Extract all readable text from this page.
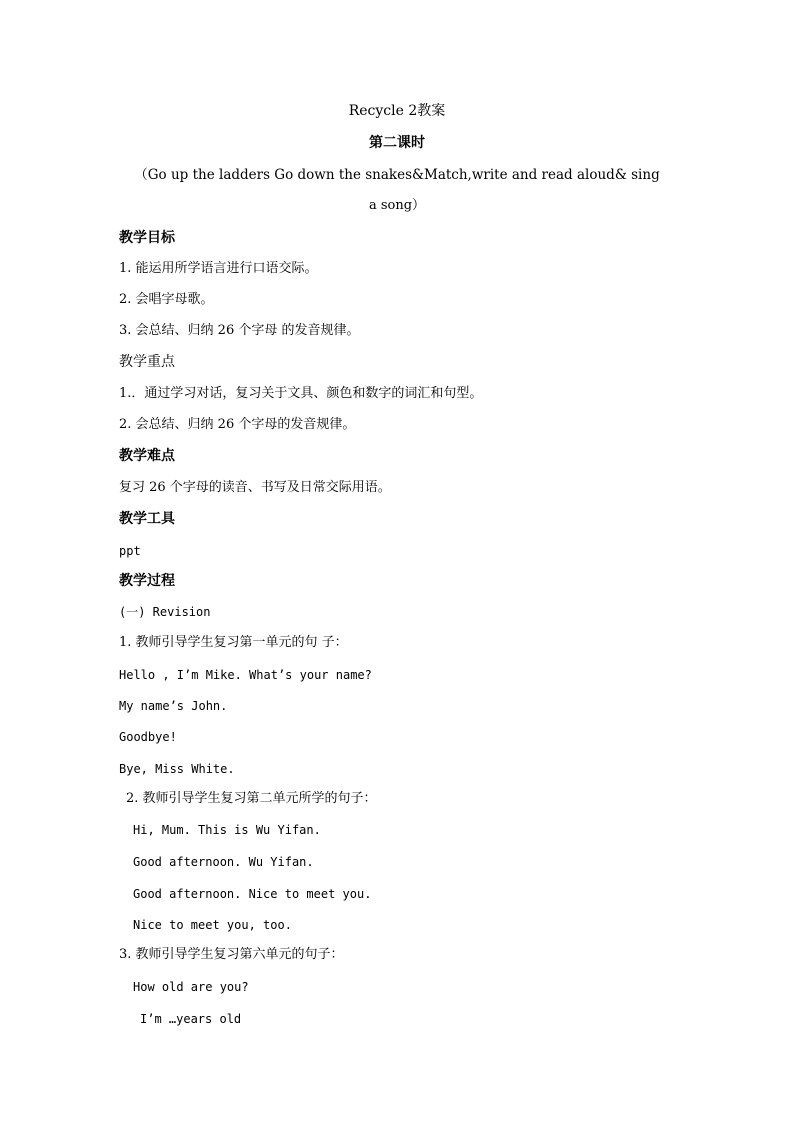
Recycle 2教案
第二课时
（Go up the ladders Go down the snakes&Match,write and read aloud& sing
a song）
教学目标
1. 能运用所学语言进行口语交际。
2. 会唱字母歌。
3. 会总结、归纳 26 个字母 的发音规律。
教学重点
1.．通过学习对话，复习关于文具、颜色和数字的词汇和句型。
2. 会总结、归纳 26 个字母的发音规律。
教学难点
复习 26 个字母的读音、书写及日常交际用语。
教学工具
ppt
教学过程
(一) Revision
1. 教师引导学生复习第一单元的句 子：
Hello , I’m Mike. What’s your name?
My name’s John.
Goodbye!
Bye, Miss White.
2. 教师引导学生复习第二单元所学的句子：
Hi, Mum. This is Wu Yifan.
Good afternoon. Wu Yifan.
Good afternoon. Nice to meet you.
Nice to meet you, too.
3. 教师引导学生复习第六单元的句子：
How old are you?
I’m …years old
